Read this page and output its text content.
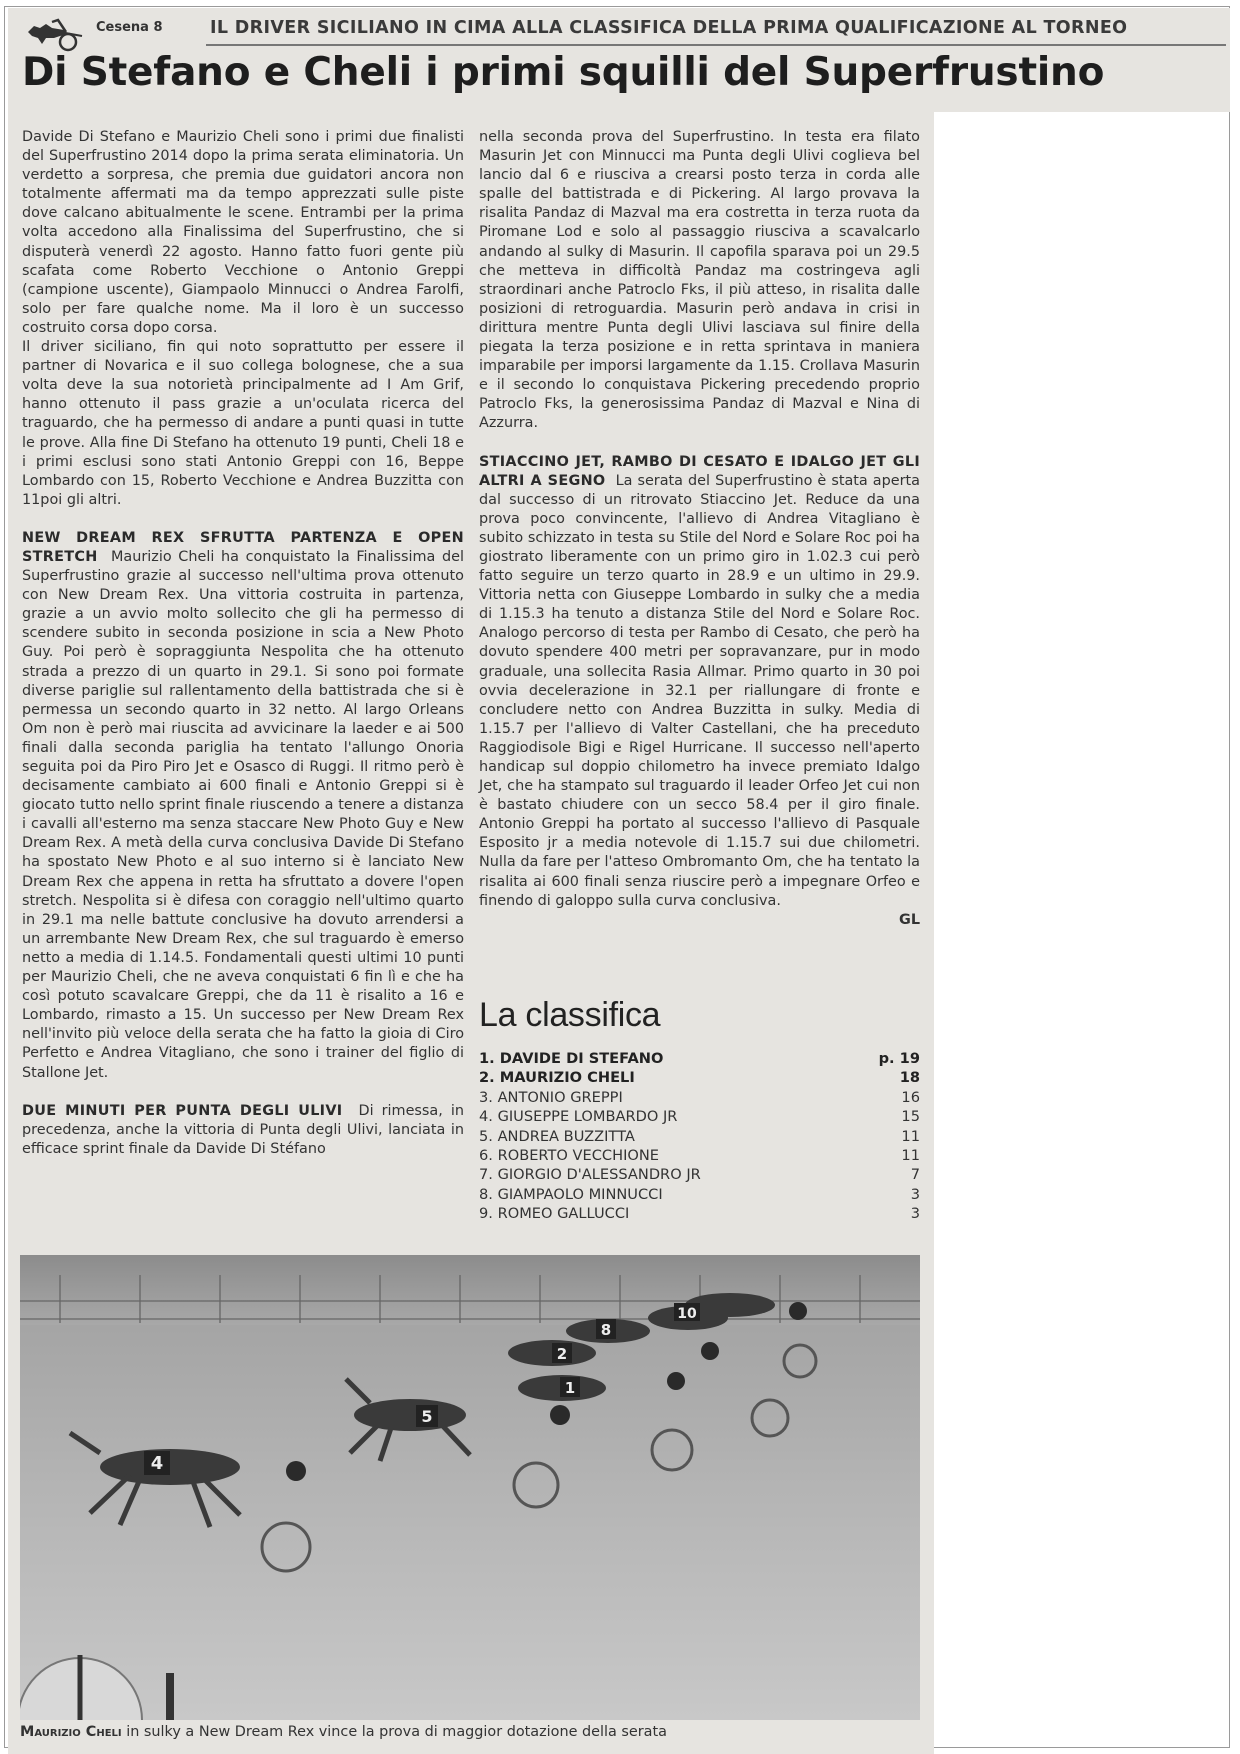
Cesena 8	IL DRIVER SICILIANO IN CIMA ALLA CLASSIFICA DELLA PRIMA QUALIFICAZIONE AL TORNEO
Di Stefano e Cheli i primi squilli del Superfrustino

Davide Di Stefano e Maurizio Cheli sono i primi due finalisti del Superfrustino 2014 dopo la prima serata eliminatoria. Un verdetto a sorpresa, che premia due guidatori ancora non totalmente affermati ma da tempo apprezzati sulle piste dove calcano abitualmente le scene. Entrambi per la prima volta accedono alla Finalissima del Superfrustino, che si disputerà venerdì 22 agosto. Hanno fatto fuori gente più scafata come Roberto Vecchione o Antonio Greppi (campione uscente), Giampaolo Minnucci o Andrea Farolfi, solo per fare qualche nome. Ma il loro è un successo costruito corsa dopo corsa.

Il driver siciliano, fin qui noto soprattutto per essere il partner di Novarica e il suo collega bolognese, che a sua volta deve la sua notorietà principalmente ad I Am Grif, hanno ottenuto il pass grazie a un'oculata ricerca del traguardo, che ha permesso di andare a punti quasi in tutte le prove. Alla fine Di Stefano ha ottenuto 19 punti, Cheli 18 e i primi esclusi sono stati Antonio Greppi con 16, Beppe Lombardo con 15, Roberto Vecchione e Andrea Buzzitta con 11poi gli altri.

NEW DREAM REX SFRUTTA PARTENZA E OPEN STRETCH Maurizio Cheli ha conquistato la Finalissima del Superfrustino grazie al successo nell'ultima prova ottenuto con New Dream Rex. Una vittoria costruita in partenza, grazie a un avvio molto sollecito che gli ha permesso di scendere subito in seconda posizione in scia a New Photo Guy. Poi però è sopraggiunta Nespolita che ha ottenuto strada a prezzo di un quarto in 29.1. Si sono poi formate diverse pariglie sul rallentamento della battistrada che si è permessa un secondo quarto in 32 netto. Al largo Orleans Om non è però mai riuscita ad avvicinare la laeder e ai 500 finali dalla seconda pariglia ha tentato l'allungo Onoria seguita poi da Piro Piro Jet e Osasco di Ruggi. Il ritmo però è decisamente cambiato ai 600 finali e Antonio Greppi si è giocato tutto nello sprint finale riuscendo a tenere a distanza i cavalli all'esterno ma senza staccare New Photo Guy e New Dream Rex. A metà della curva conclusiva Davide Di Stefano ha spostato New Photo e al suo interno si è lanciato New Dream Rex che appena in retta ha sfruttato a dovere l'open stretch. Nespolita si è difesa con coraggio nell'ultimo quarto in 29.1 ma nelle battute conclusive ha dovuto arrendersi a un arrembante New Dream Rex, che sul traguardo è emerso netto a media di 1.14.5. Fondamentali questi ultimi 10 punti per Maurizio Cheli, che ne aveva conquistati 6 fin lì e che ha così potuto scavalcare Greppi, che da 11 è risalito a 16 e Lombardo, rimasto a 15. Un successo per New Dream Rex nell'invito più veloce della serata che ha fatto la gioia di Ciro Perfetto e Andrea Vitagliano, che sono i trainer del figlio di Stallone Jet.

DUE MINUTI PER PUNTA DEGLI ULIVI Di rimessa, in precedenza, anche la vittoria di Punta degli Ulivi, lanciata in efficace sprint finale da Davide Di Stéfano

nella seconda prova del Superfrustino. In testa era filato Masurin Jet con Minnucci ma Punta degli Ulivi coglieva bel lancio dal 6 e riusciva a crearsi posto terza in corda alle spalle del battistrada e di Pickering. Al largo provava la risalita Pandaz di Mazval ma era costretta in terza ruota da Piromane Lod e solo al passaggio riusciva a scavalcarlo andando al sulky di Masurin. Il capofila sparava poi un 29.5 che metteva in difficoltà Pandaz ma costringeva agli straordinari anche Patroclo Fks, il più atteso, in risalita dalle posizioni di retroguardia. Masurin però andava in crisi in dirittura mentre Punta degli Ulivi lasciava sul finire della piegata la terza posizione e in retta sprintava in maniera imparabile per imporsi largamente da 1.15. Crollava Masurin e il secondo lo conquistava Pickering precedendo proprio Patroclo Fks, la generosissima Pandaz di Mazval e Nina di Azzurra.

STIACCINO JET, RAMBO DI CESATO E IDALGO JET GLI ALTRI A SEGNO La serata del Superfrustino è stata aperta dal successo di un ritrovato Stiaccino Jet. Reduce da una prova poco convincente, l'allievo di Andrea Vitagliano è subito schizzato in testa su Stile del Nord e Solare Roc poi ha giostrato liberamente con un primo giro in 1.02.3 cui però fatto seguire un terzo quarto in 28.9 e un ultimo in 29.9. Vittoria netta con Giuseppe Lombardo in sulky che a media di 1.15.3 ha tenuto a distanza Stile del Nord e Solare Roc. Analogo percorso di testa per Rambo di Cesato, che però ha dovuto spendere 400 metri per sopravanzare, pur in modo graduale, una sollecita Rasia Allmar. Primo quarto in 30 poi ovvia decelerazione in 32.1 per riallungare di fronte e concludere netto con Andrea Buzzitta in sulky. Media di 1.15.7 per l'allievo di Valter Castellani, che ha preceduto Raggiodisole Bigi e Rigel Hurricane. Il successo nell'aperto handicap sul doppio chilometro ha invece premiato Idalgo Jet, che ha stampato sul traguardo il leader Orfeo Jet cui non è bastato chiudere con un secco 58.4 per il giro finale. Antonio Greppi ha portato al successo l'allievo di Pasquale Esposito jr a media notevole di 1.15.7 sui due chilometri. Nulla da fare per l'atteso Ombromanto Om, che ha tentato la risalita ai 600 finali senza riuscire però a impegnare Orfeo e finendo di galoppo sulla curva conclusiva.

GL

La classifica
1. DAVIDE DI STEFANO	p. 19
2. MAURIZIO CHELI	18
3. ANTONIO GREPPI	16
4. GIUSEPPE LOMBARDO JR	15
5. ANDREA BUZZITTA	11
6. ROBERTO VECCHIONE	11
7. GIORGIO D'ALESSANDRO JR	7
8. GIAMPAOLO MINNUCCI	3
9. ROMEO GALLUCCI	3
4
5
1
2
8
10
Maurizio Cheli in sulky a New Dream Rex vince la prova di maggior dotazione della serata
